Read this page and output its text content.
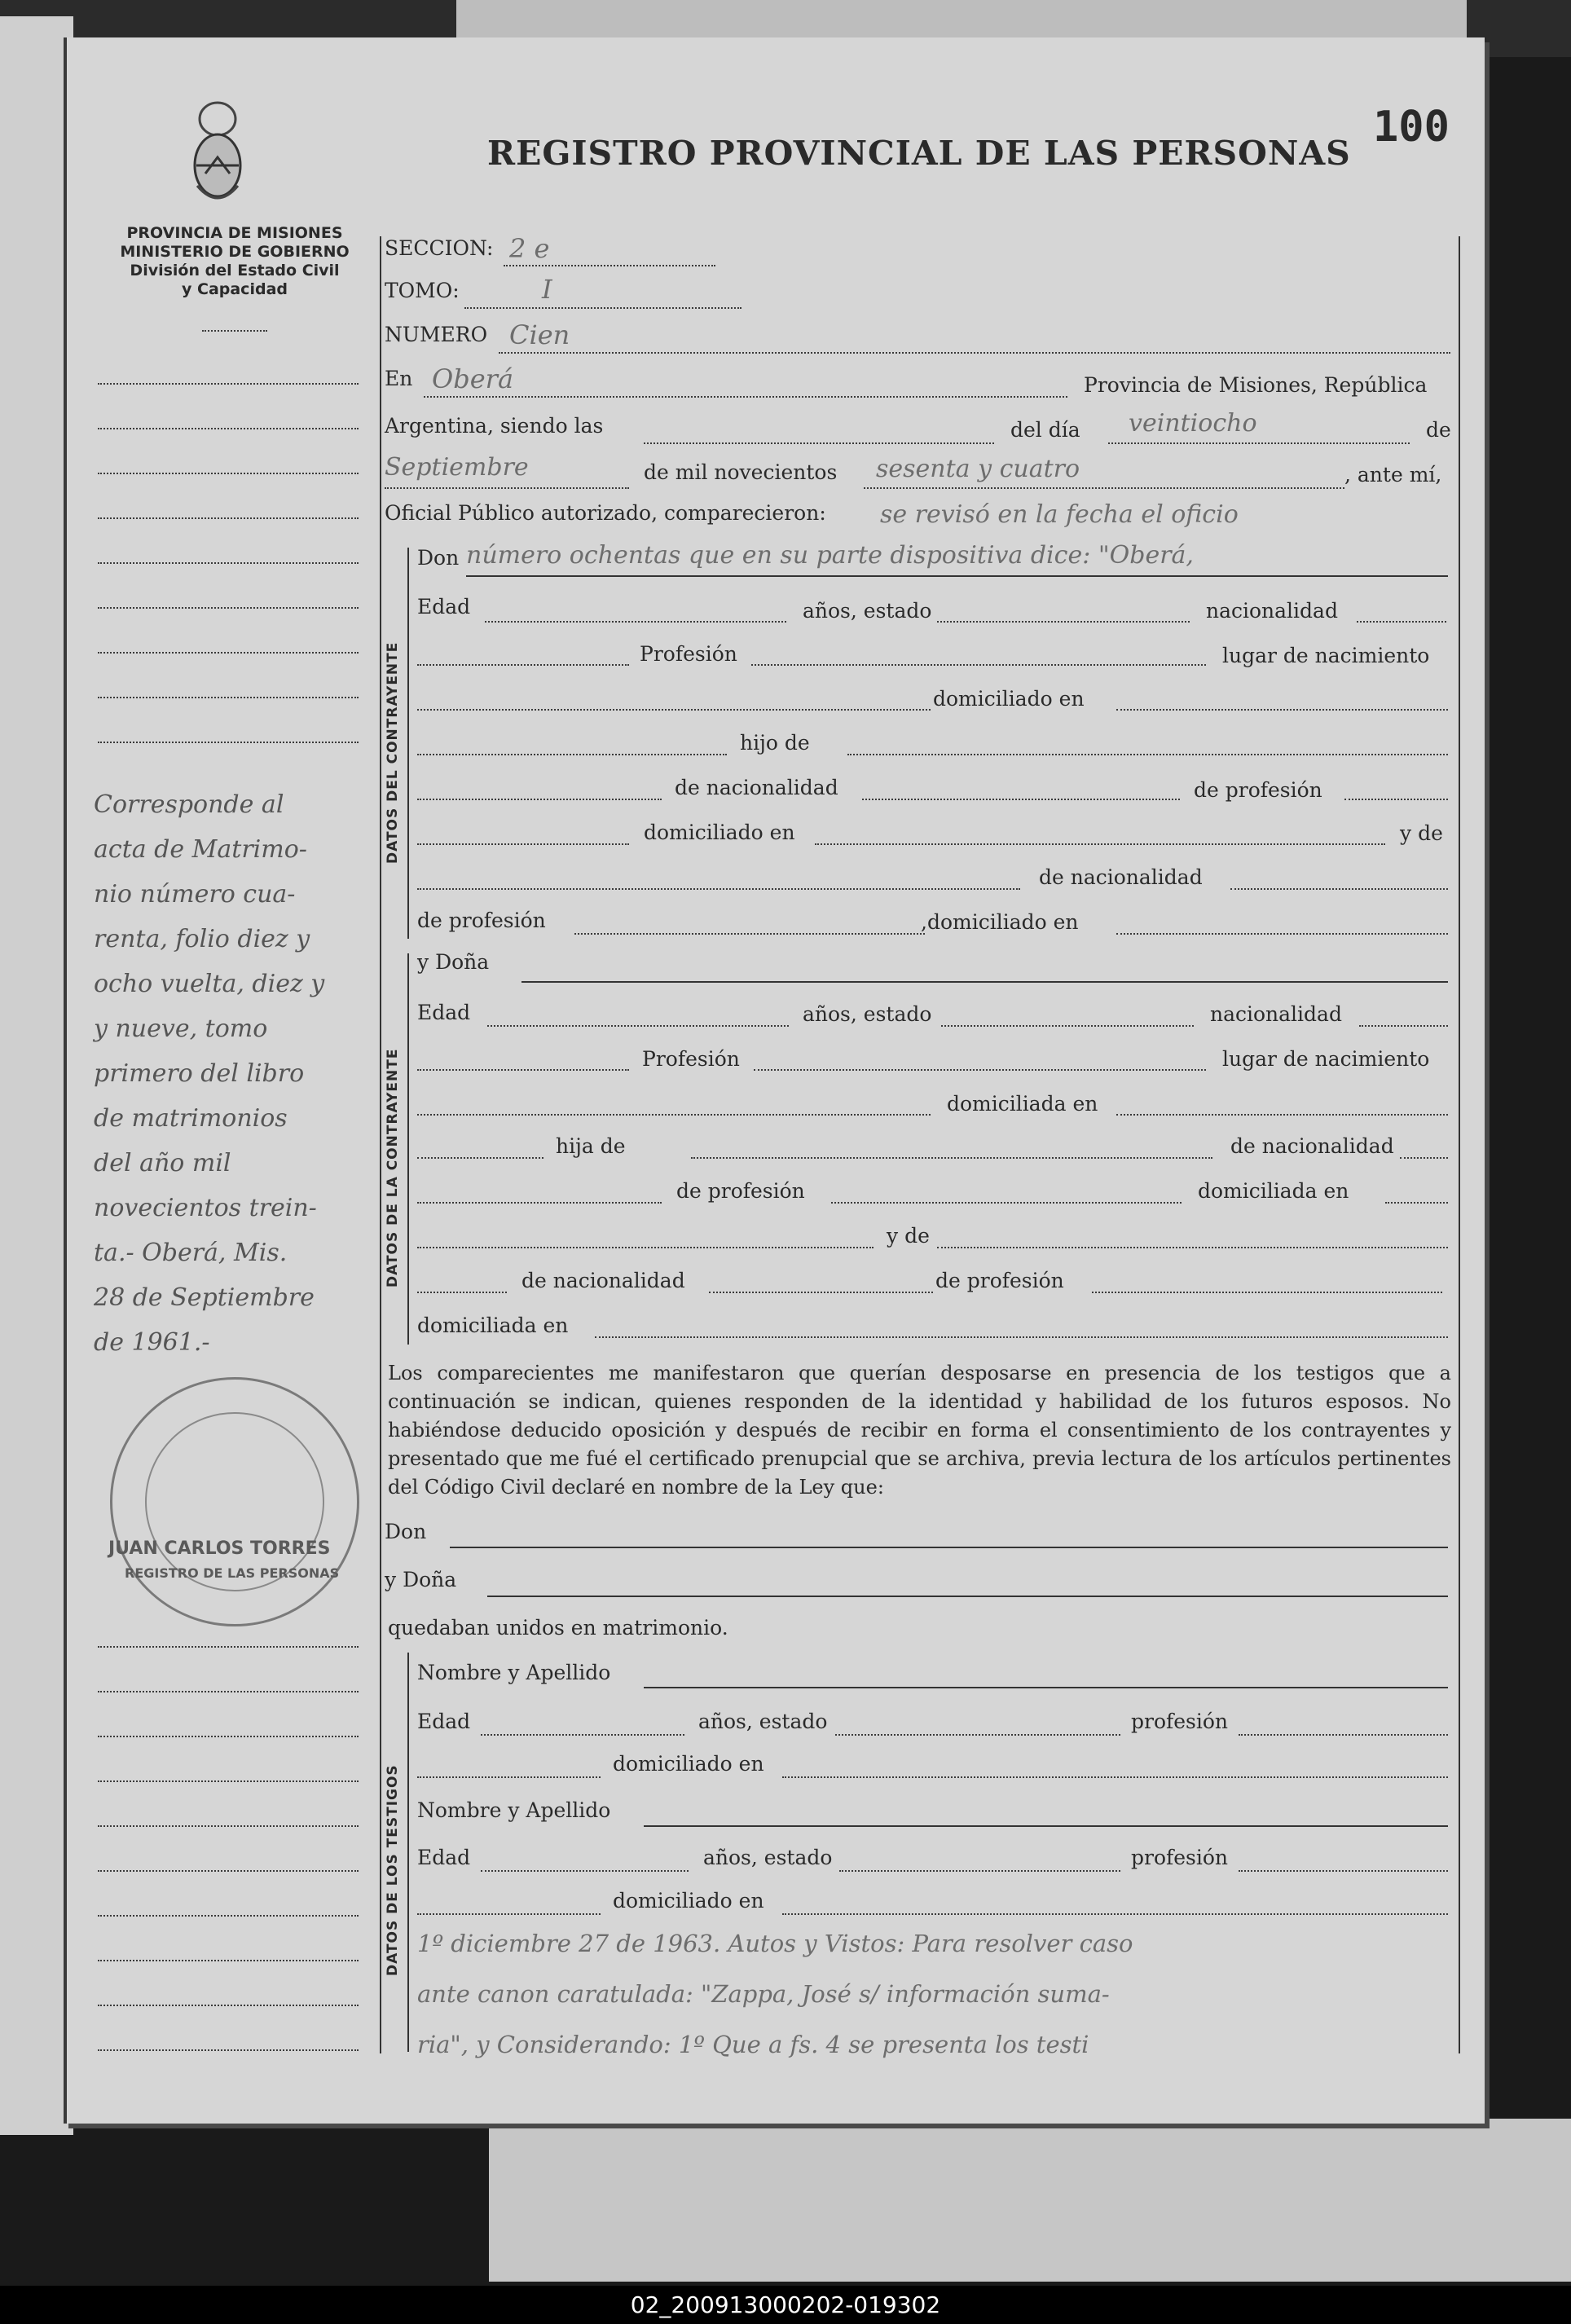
REGISTRO PROVINCIAL DE LAS PERSONAS
100
PROVINCIA DE MISIONES
MINISTERIO DE GOBIERNO
División del Estado Civil
y Capacidad
Corresponde al
acta de Matrimo-
nio número cua-
renta, folio diez y
ocho vuelta, diez y
y nueve, tomo
primero del libro
de matrimonios
del año mil
novecientos trein-
ta.- Oberá, Mis.
28 de Septiembre
de 1961.-
JUAN CARLOS TORRES
REGISTRO DE LAS PERSONAS
SECCION: 2 e
TOMO:	I
NUMERO Cien
En Oberá	Provincia de Misiones, República
Argentina, siendo las	del día veintiocho	de
Septiembre	de mil novecientos sesenta y cuatro	, ante mí,
Oficial Público autorizado, comparecieron: se revisó en la fecha el oficio
DATOS DEL CONTRAYENTE
Don número ochentas que en su parte dispositiva dice: "Oberá,
Edad	años, estado	nacionalidad
Profesión	lugar de nacimiento
domiciliado en
hijo de
de nacionalidad	de profesión
domiciliado en	y de
de nacionalidad
de profesión	,domiciliado en
DATOS DE LA CONTRAYENTE
y Doña
Edad	años, estado	nacionalidad
Profesión	lugar de nacimiento
domiciliada en
hija de	de nacionalidad
de profesión	domiciliada en
y de
de nacionalidad	de profesión
domiciliada en
Los comparecientes me manifestaron que querían desposarse en presencia de los testigos que a continuación se indican, quienes responden de la identidad y habilidad de los futuros esposos. No habiéndose deducido oposición y después de recibir en forma el consentimiento de los contrayentes y presentado que me fué el certificado prenupcial que se archiva, previa lectura de los artículos pertinentes del Código Civil declaré en nombre de la Ley que:
Don
y Doña
quedaban unidos en matrimonio.
DATOS DE LOS TESTIGOS
Nombre y Apellido
Edad	años, estado	profesión
domiciliado en
Nombre y Apellido
Edad	años, estado	profesión
domiciliado en
1º diciembre 27 de 1963. Autos y Vistos: Para resolver caso
ante canon caratulada: "Zappa, José s/ información suma-
ria", y Considerando: 1º Que a fs. 4 se presenta los testi
02_200913000202-019302
